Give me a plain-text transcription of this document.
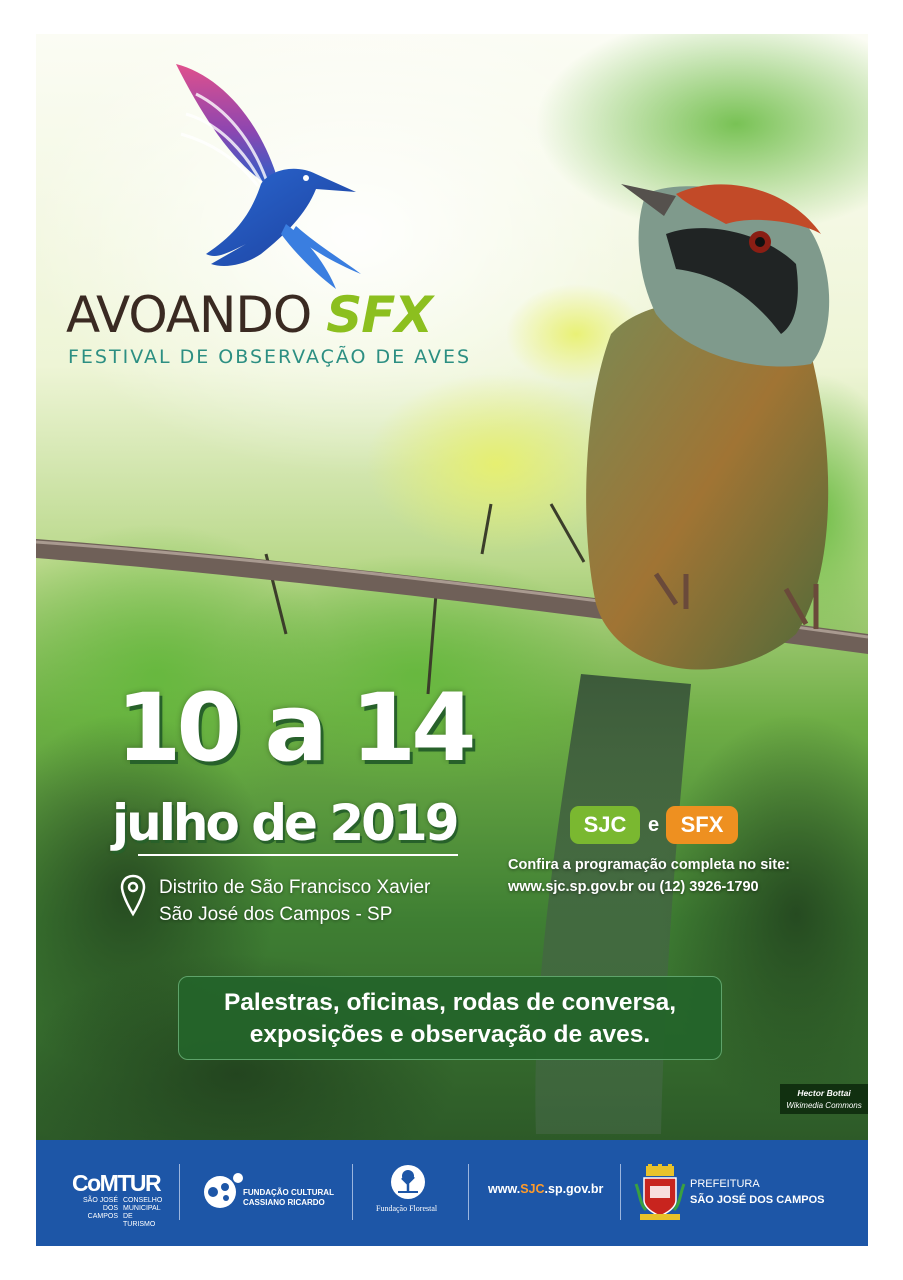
AVOANDO SFX
FESTIVAL DE OBSERVAÇÃO DE AVES
10 a 14
julho de 2019
Distrito de São Francisco Xavier
São José dos Campos - SP
SJC	e SFX
Confira a programação completa no site:
www.sjc.sp.gov.br ou (12) 3926-1790
Palestras, oficinas, rodas de conversa,
exposições e observação de aves.
Hector Bottai
Wikimedia Commons
CoMTUR
SÃO JOSÉ DOS CAMPOS
CONSELHO MUNICIPAL DE TURISMO
FUNDAÇÃO CULTURAL
CASSIANO RICARDO
Fundação Florestal
www.SJC.sp.gov.br	PREFEITURA
SÃO JOSÉ DOS CAMPOS
